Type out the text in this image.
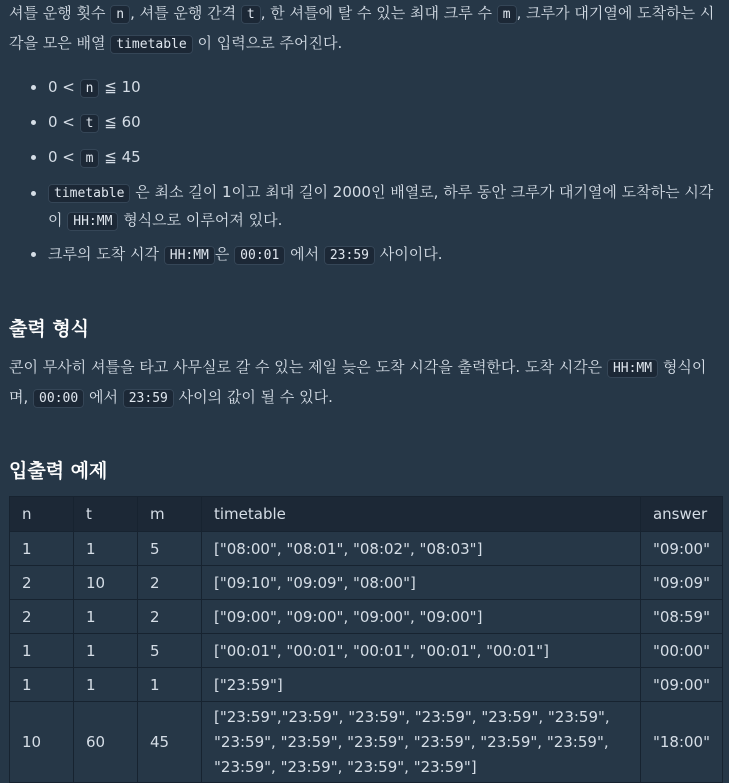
셔틀 운행 횟수 n , 셔틀 운행 간격 t , 한 셔틀에 탈 수 있는 최대 크루 수 m , 크루가 대기열에 도착하는 시각을 모은 배열 timetable 이 입력으로 주어진다.

0 < n ≦ 10
0 < t ≦ 60
0 < m ≦ 45
timetable 은 최소 길이 1이고 최대 길이 2000인 배열로, 하루 동안 크루가 대기열에 도착하는 시각이 HH:MM 형식으로 이루어져 있다.
크루의 도착 시각 HH:MM 은 00:01 에서 23:59 사이이다.
출력 형식

콘이 무사히 셔틀을 타고 사무실로 갈 수 있는 제일 늦은 도착 시각을 출력한다. 도착 시각은 HH:MM 형식이며, 00:00 에서 23:59 사이의 값이 될 수 있다.

입출력 예제
n	t	m	timetable	answer
1	1	5	["08:00", "08:01", "08:02", "08:03"]	"09:00"
2	10	2	["09:10", "09:09", "08:00"]	"09:09"
2	1	2	["09:00", "09:00", "09:00", "09:00"]	"08:59"
1	1	5	["00:01", "00:01", "00:01", "00:01", "00:01"]	"00:00"
1	1	1	["23:59"]	"09:00"
10	60	45	["23:59","23:59", "23:59", "23:59", "23:59", "23:59",
"23:59", "23:59", "23:59", "23:59", "23:59", "23:59",
"23:59", "23:59", "23:59", "23:59"]	"18:00"
